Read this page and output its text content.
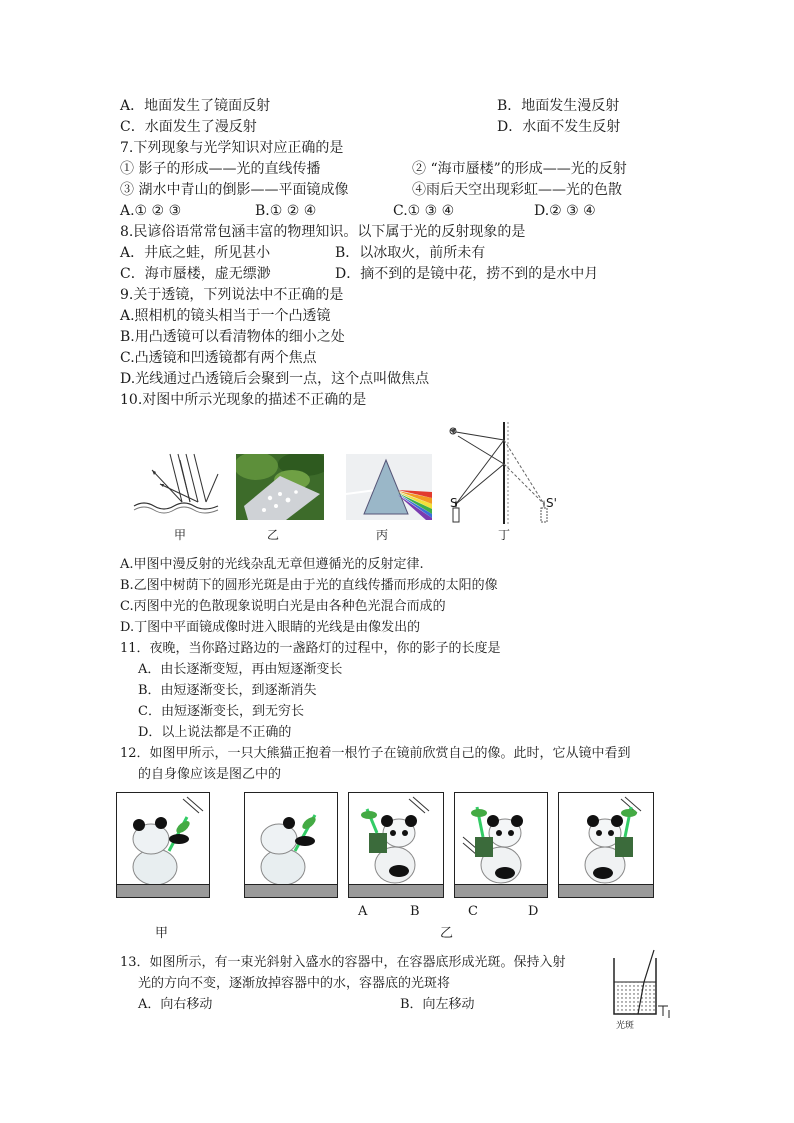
A．地面发生了镜面反射	B．地面发生漫反射
C．水面发生了漫反射	D．水面不发生反射
7.下列现象与光学知识对应正确的是
① 影子的形成——光的直线传播	② “海市蜃楼”的形成——光的反射
③ 湖水中青山的倒影——平面镜成像	④雨后天空出现彩虹——光的色散
A.① ② ③	B.① ② ④	C.① ③ ④	D.② ③ ④
8.民谚俗语常常包涵丰富的物理知识。以下属于光的反射现象的是
A．井底之蛙，所见甚小	B．以冰取火，前所未有
C．海市蜃楼，虚无缥渺	D．摘不到的是镜中花，捞不到的是水中月
9.关于透镜，下列说法中不正确的是
A.照相机的镜头相当于一个凸透镜
B.用凸透镜可以看清物体的细小之处
C.凸透镜和凹透镜都有两个焦点
D.光线通过凸透镜后会聚到一点，这个点叫做焦点
10.对图中所示光现象的描述不正确的是
甲	乙	丙
S	S'
丁
A.甲图中漫反射的光线杂乱无章但遵循光的反射定律.
B.乙图中树荫下的圆形光斑是由于光的直线传播而形成的太阳的像
C.丙图中光的色散现象说明白光是由各种色光混合而成的
D.丁图中平面镜成像时进入眼睛的光线是由像发出的
11．夜晚，当你路过路边的一盏路灯的过程中，你的影子的长度是
A．由长逐渐变短，再由短逐渐变长
B．由短逐渐变长，到逐渐消失
C．由短逐渐变长，到无穷长
D．以上说法都是不正确的
12．如图甲所示，一只大熊猫正抱着一根竹子在镜前欣赏自己的像。此时，它从镜中看到
的自身像应该是图乙中的
A	B	C	D
甲	乙
13．如图所示，有一束光斜射入盛水的容器中，在容器底形成光斑。保持入射
光的方向不变，逐渐放掉容器中的水，容器底的光斑将
A．向右移动	B．向左移动
光斑
